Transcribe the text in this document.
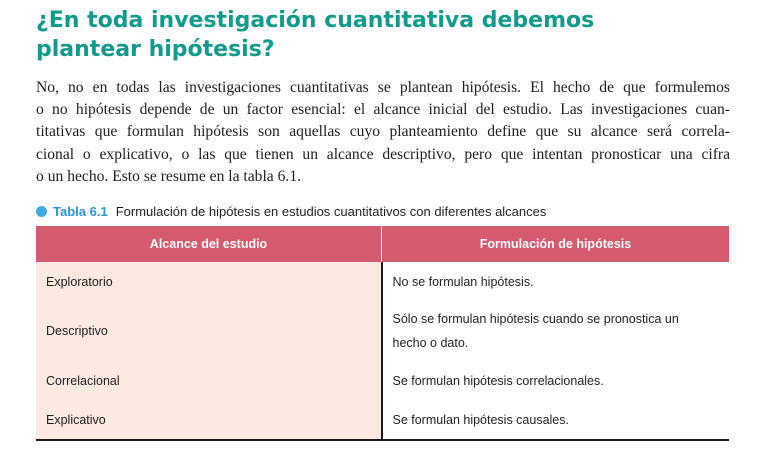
¿En toda investigación cuantitativa debemos
plantear hipótesis?
No, no en todas las investigaciones cuantitativas se plantean hipótesis. El hecho de que formulemos
o no hipótesis depende de un factor esencial: el alcance inicial del estudio. Las investigaciones cuan-
titativas que formulan hipótesis son aquellas cuyo planteamiento define que su alcance será correla-
cional o explicativo, o las que tienen un alcance descriptivo, pero que intentan pronosticar una cifra
o un hecho. Esto se resume en la tabla 6.1.
Tabla 6.1 Formulación de hipótesis en estudios cuantitativos con diferentes alcances
Alcance del estudio	Formulación de hipótesis
Exploratorio	No se formulan hipótesis.
Descriptivo	Sólo se formulan hipótesis cuando se pronostica un
hecho o dato.
Correlacional	Se formulan hipótesis correlacionales.
Explicativo	Se formulan hipótesis causales.
